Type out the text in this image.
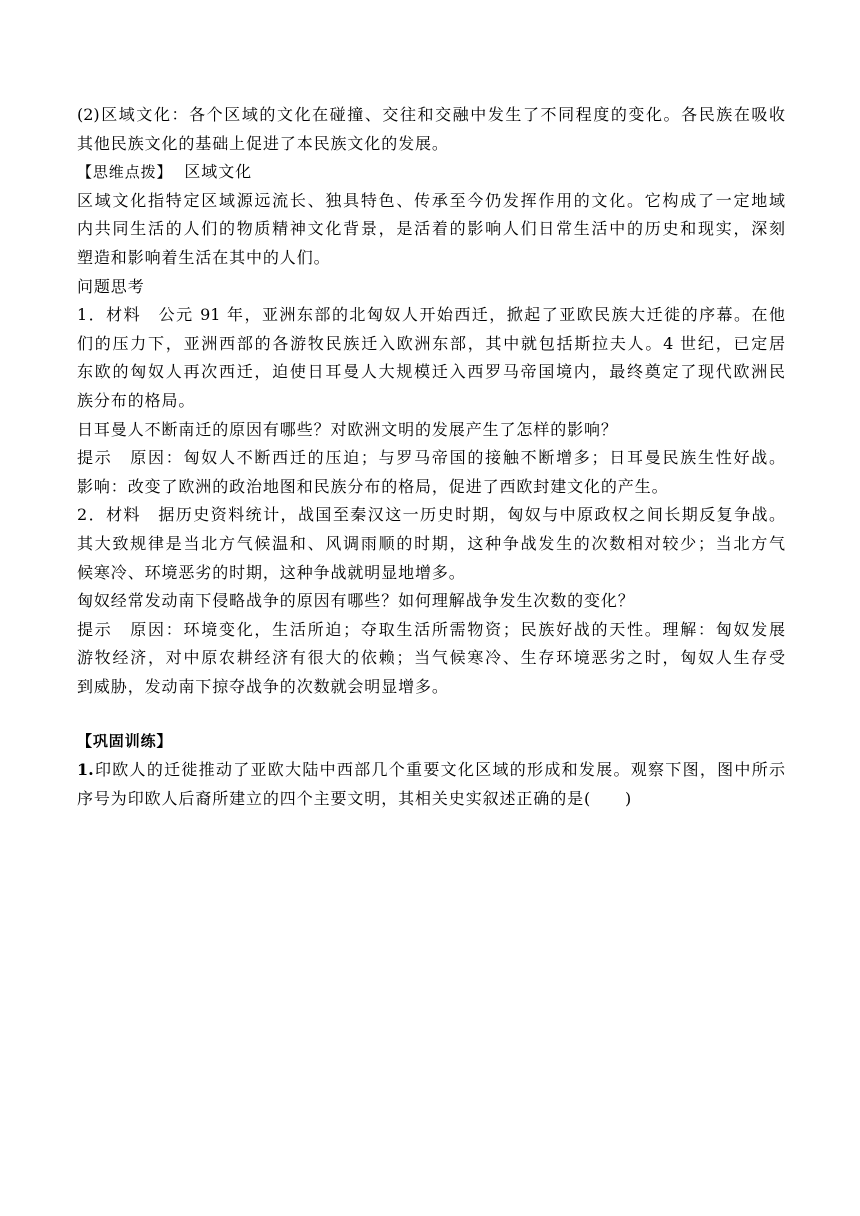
(2)区域文化：各个区域的文化在碰撞、交往和交融中发生了不同程度的变化。各民族在吸收
其他民族文化的基础上促进了本民族文化的发展。
【思维点拨】 区域文化
区域文化指特定区域源远流长、独具特色、传承至今仍发挥作用的文化。它构成了一定地域
内共同生活的人们的物质精神文化背景，是活着的影响人们日常生活中的历史和现实，深刻
塑造和影响着生活在其中的人们。
问题思考
1．材料　公元 91 年，亚洲东部的北匈奴人开始西迁，掀起了亚欧民族大迁徙的序幕。在他
们的压力下，亚洲西部的各游牧民族迁入欧洲东部，其中就包括斯拉夫人。4 世纪，已定居
东欧的匈奴人再次西迁，迫使日耳曼人大规模迁入西罗马帝国境内，最终奠定了现代欧洲民
族分布的格局。
日耳曼人不断南迁的原因有哪些？对欧洲文明的发展产生了怎样的影响？
提示　原因：匈奴人不断西迁的压迫；与罗马帝国的接触不断增多；日耳曼民族生性好战。
影响：改变了欧洲的政治地图和民族分布的格局，促进了西欧封建文化的产生。
2．材料　据历史资料统计，战国至秦汉这一历史时期，匈奴与中原政权之间长期反复争战。
其大致规律是当北方气候温和、风调雨顺的时期，这种争战发生的次数相对较少；当北方气
候寒冷、环境恶劣的时期，这种争战就明显地增多。
匈奴经常发动南下侵略战争的原因有哪些？如何理解战争发生次数的变化？
提示　原因：环境变化，生活所迫；夺取生活所需物资；民族好战的天性。理解：匈奴发展
游牧经济，对中原农耕经济有很大的依赖；当气候寒冷、生存环境恶劣之时，匈奴人生存受
到威胁，发动南下掠夺战争的次数就会明显增多。
【巩固训练】
1.印欧人的迁徙推动了亚欧大陆中西部几个重要文化区域的形成和发展。观察下图，图中所示
序号为印欧人后裔所建立的四个主要文明，其相关史实叙述正确的是(　　)
